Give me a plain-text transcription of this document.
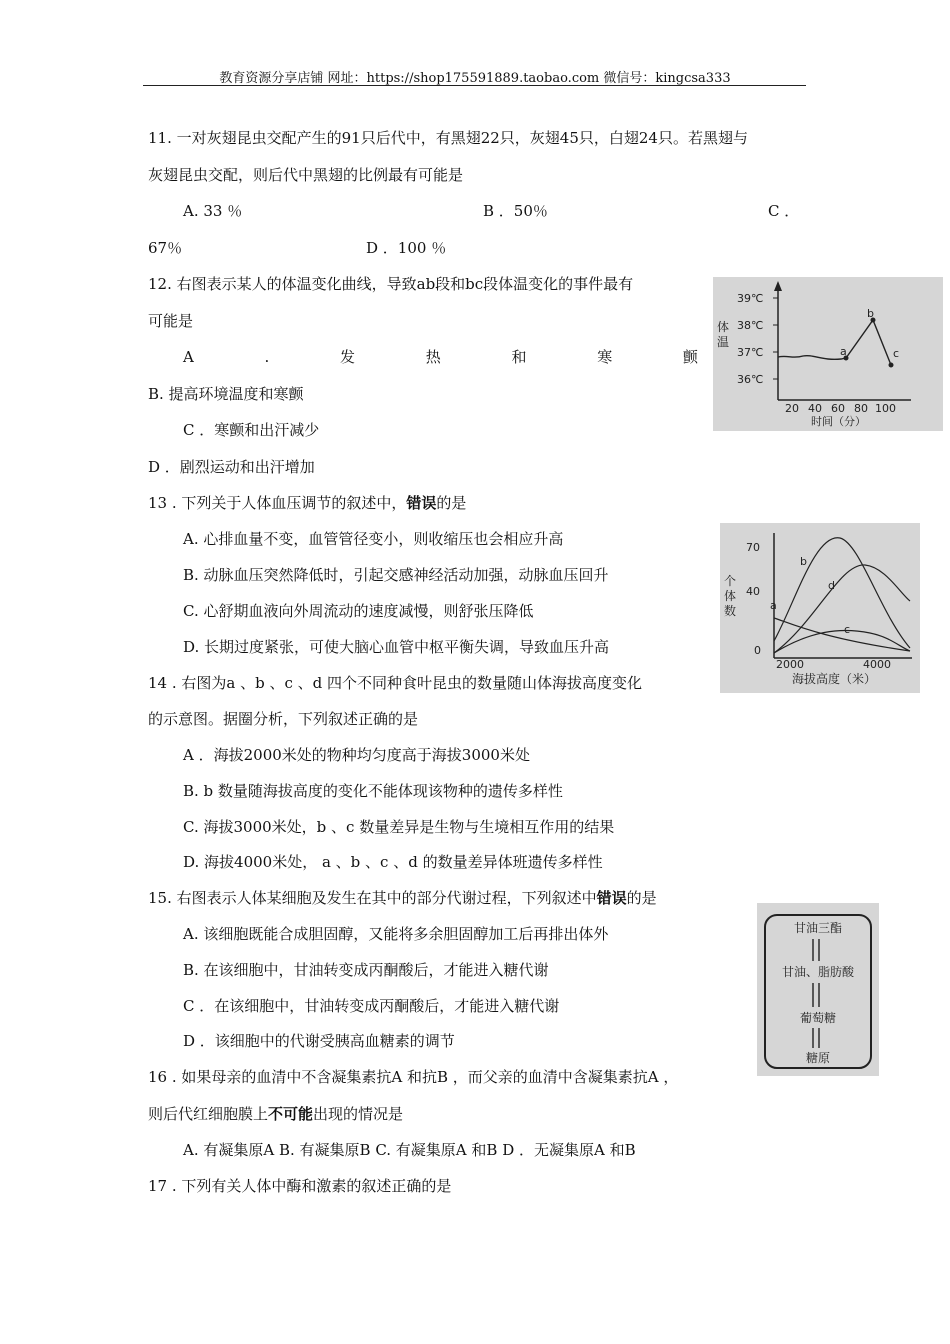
教育资源分享店铺 网址：https://shop175591889.taobao.com 微信号：kingcsa333
11. 一对灰翅昆虫交配产生的91只后代中，有黑翅22只，灰翅45只，白翅24只。若黑翅与
灰翅昆虫交配，则后代中黑翅的比例最有可能是
A. 33 ％	B ．50％	C ．
67％	D ．100 ％
12. 右图表示某人的体温变化曲线，导致ab段和bc段体温变化的事件最有
可能是
A	.	发	热	和	寒	颤
B. 提高环境温度和寒颤
C ．寒颤和出汗减少
D ．剧烈运动和出汗增加
13 . 下列关于人体血压调节的叙述中，错误的是
A. 心排血量不变，血管管径变小，则收缩压也会相应升高
B. 动脉血压突然降低时，引起交感神经活动加强，动脉血压回升
C. 心舒期血液向外周流动的速度减慢，则舒张压降低
D. 长期过度紧张，可使大脑心血管中枢平衡失调，导致血压升高
14 . 右图为a 、b 、c 、d 四个不同种食叶昆虫的数量随山体海拔高度变化
的示意图。据圈分析，下列叙述正确的是
A ．海拔2000米处的物种均匀度高于海拔3000米处
B. b 数量随海拔高度的变化不能体现该物种的遗传多样性
C. 海拔3000米处，b 、c 数量差异是生物与生境相互作用的结果
D. 海拔4000米处， a 、b 、c 、d 的数量差异体班遗传多样性
15. 右图表示人体某细胞及发生在其中的部分代谢过程，下列叙述中错误的是
A. 该细胞既能合成胆固醇，又能将多余胆固醇加工后再排出体外
B. 在该细胞中，甘油转变成丙酮酸后，才能进入糖代谢
C ．在该细胞中，甘油转变成丙酮酸后，才能进入糖代谢
D ．该细胞中的代谢受胰高血糖素的调节
16 . 如果母亲的血清中不含凝集素抗A 和抗B ，而父亲的血清中含凝集素抗A ，
则后代红细胞膜上不可能出现的情况是
A. 有凝集原A B. 有凝集原B C. 有凝集原A 和B D ．无凝集原A 和B
17 . 下列有关人体中酶和激素的叙述正确的是
体
温
39℃
38℃
37℃
36℃
20 40 60 80 100
时间（分）
a
b
c
个
体
数
70
40
0
2000	4000
海拔高度（米）
a
b
c
d
甘油三酯
甘油、脂肪酸
葡萄糖
糖原
